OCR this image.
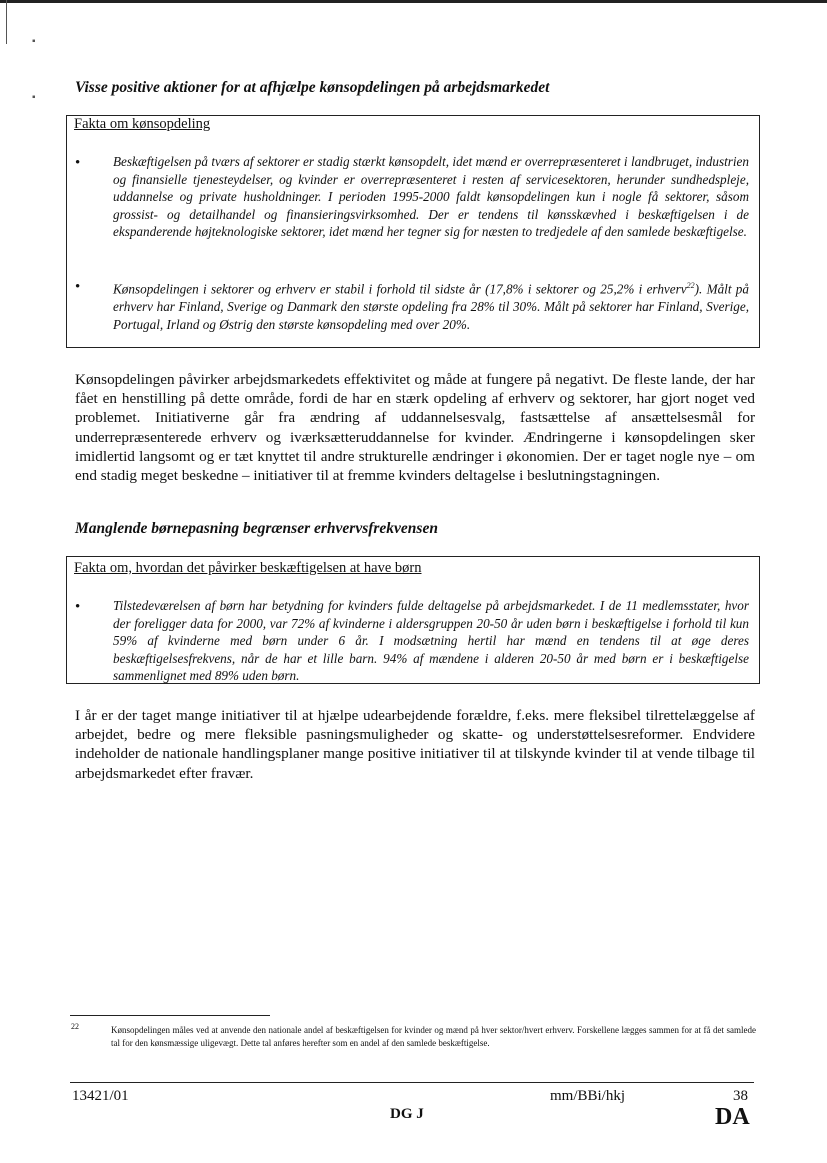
▪
▪
Visse positive aktioner for at afhjælpe kønsopdelingen på arbejdsmarkedet
Fakta om kønsopdeling
• Beskæftigelsen på tværs af sektorer er stadig stærkt kønsopdelt, idet mænd er overrepræsenteret i landbruget, industrien og finansielle tjenesteydelser, og kvinder er overrepræsenteret i resten af servicesektoren, herunder sundhedspleje, uddannelse og private husholdninger. I perioden 1995-2000 faldt kønsopdelingen kun i nogle få sektorer, såsom grossist- og detailhandel og finansieringsvirksomhed. Der er tendens til kønsskævhed i beskæftigelsen i de ekspanderende højteknologiske sektorer, idet mænd her tegner sig for næsten to tredjedele af den samlede beskæftigelse.

• Kønsopdelingen i sektorer og erhverv er stabil i forhold til sidste år (17,8% i sektorer og 25,2% i erhverv$^{22}$). Målt på erhverv har Finland, Sverige og Danmark den største opdeling fra 28% til 30%. Målt på sektorer har Finland, Sverige, Portugal, Irland og Østrig den største kønsopdeling med over 20%.

Kønsopdelingen påvirker arbejdsmarkedets effektivitet og måde at fungere på negativt. De fleste lande, der har fået en henstilling på dette område, fordi de har en stærk opdeling af erhverv og sektorer, har gjort noget ved problemet. Initiativerne går fra ændring af uddannelsesvalg, fastsættelse af ansættelsesmål for underrepræsenterede erhverv og iværksætteruddannelse for kvinder. Ændringerne i kønsopdelingen sker imidlertid langsomt og er tæt knyttet til andre strukturelle ændringer i økonomien. Der er taget nogle nye – om end stadig meget beskedne – initiativer til at fremme kvinders deltagelse i beslutningstagningen.

Manglende børnepasning begrænser erhvervsfrekvensen
Fakta om, hvordan det påvirker beskæftigelsen at have børn
• Tilstedeværelsen af børn har betydning for kvinders fulde deltagelse på arbejdsmarkedet. I de 11 medlemsstater, hvor der foreligger data for 2000, var 72% af kvinderne i aldersgruppen 20-50 år uden børn i beskæftigelse i forhold til kun 59% af kvinderne med børn under 6 år. I modsætning hertil har mænd en tendens til at øge deres beskæftigelsesfrekvens, når de har et lille barn. 94% af mændene i alderen 20-50 år med børn er i beskæftigelse sammenlignet med 89% uden børn.

I år er der taget mange initiativer til at hjælpe udearbejdende forældre, f.eks. mere fleksibel tilrettelæggelse af arbejdet, bedre og mere fleksible pasningsmuligheder og skatte- og understøttelsesreformer. Endvidere indeholder de nationale handlingsplaner mange positive initiativer til at tilskynde kvinder til at vende tilbage til arbejdsmarkedet efter fravær.

22	Kønsopdelingen måles ved at anvende den nationale andel af beskæftigelsen for kvinder og mænd på hver sektor/hvert erhverv. Forskellene lægges sammen for at få det samlede tal for den kønsmæssige uligevægt. Dette tal anføres herefter som en andel af den samlede beskæftigelse.

13421/01	mm/BBi/hkj	38
DG J	DA
